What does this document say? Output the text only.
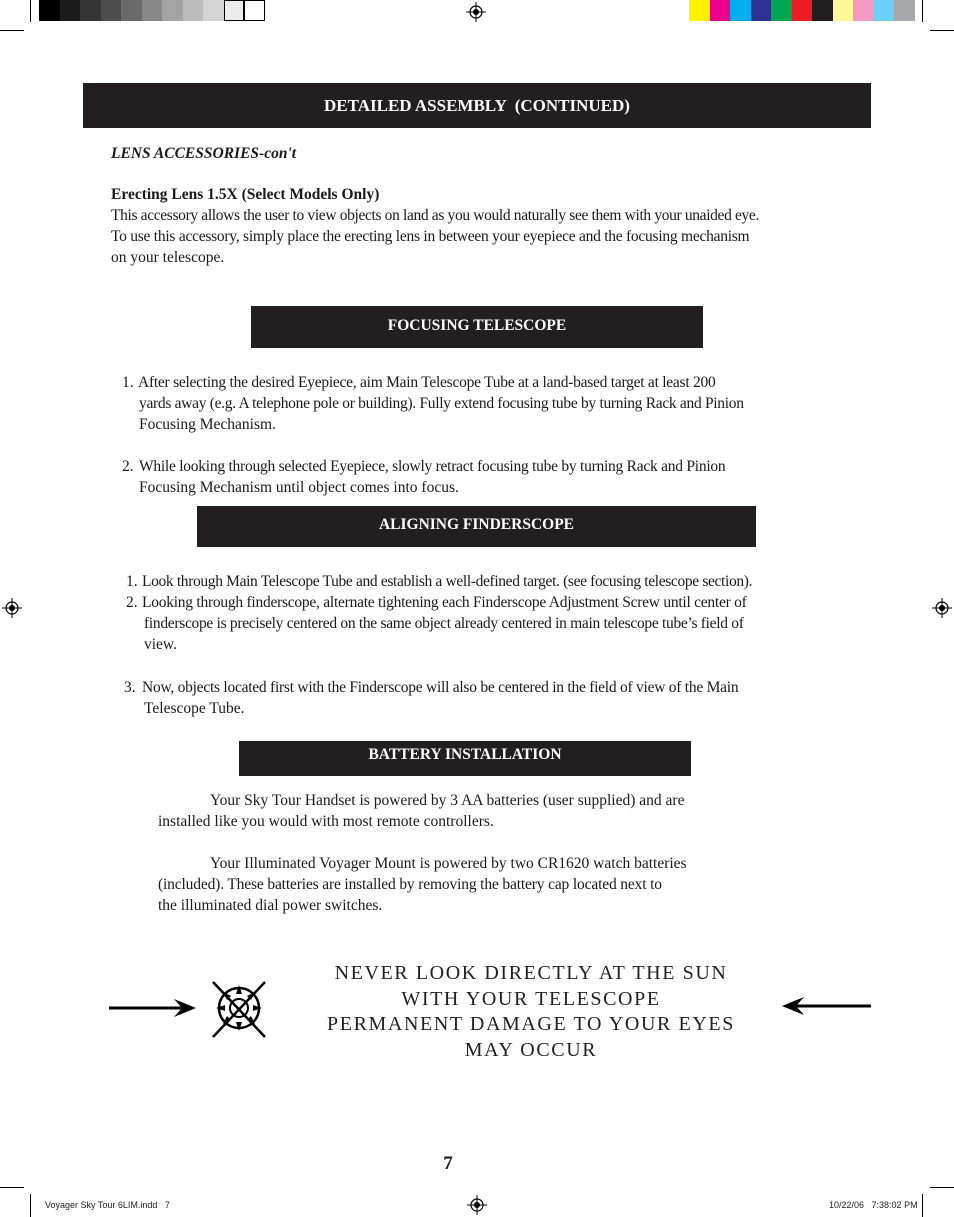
DETAILED ASSEMBLY  (CONTINUED)
LENS ACCESSORIES-con't
Erecting Lens 1.5X (Select Models Only)
This accessory allows the user to view objects on land as you would naturally see them with your unaided eye.
To use this accessory, simply place the erecting lens in between your eyepiece and the focusing mechanism
on your telescope.
FOCUSING TELESCOPE
1. After selecting the desired Eyepiece, aim Main Telescope Tube at a land-based target at least 200
yards away (e.g. A telephone pole or building). Fully extend focusing tube by turning Rack and Pinion
Focusing Mechanism.
2. While looking through selected Eyepiece, slowly retract focusing tube by turning Rack and Pinion
Focusing Mechanism until object comes into focus.
ALIGNING FINDERSCOPE
1. Look through Main Telescope Tube and establish a well-defined target. (see focusing telescope section).
2. Looking through finderscope, alternate tightening each Finderscope Adjustment Screw until center of
finderscope is precisely centered on the same object already centered in main telescope tube’s field of
view.
3. Now, objects located first with the Finderscope will also be centered in the field of view of the Main
Telescope Tube.
BATTERY INSTALLATION
Your Sky Tour Handset is powered by 3 AA batteries (user supplied) and are
installed like you would with most remote controllers.
Your Illuminated Voyager Mount is powered by two CR1620 watch batteries
(included). These batteries are installed by removing the battery cap located next to
the illuminated dial power switches.
NEVER LOOK DIRECTLY AT THE SUN
WITH YOUR TELESCOPE
PERMANENT DAMAGE TO YOUR EYES
MAY OCCUR
7
Voyager Sky Tour 6LIM.indd   7	10/22/06   7:38:02 PM
